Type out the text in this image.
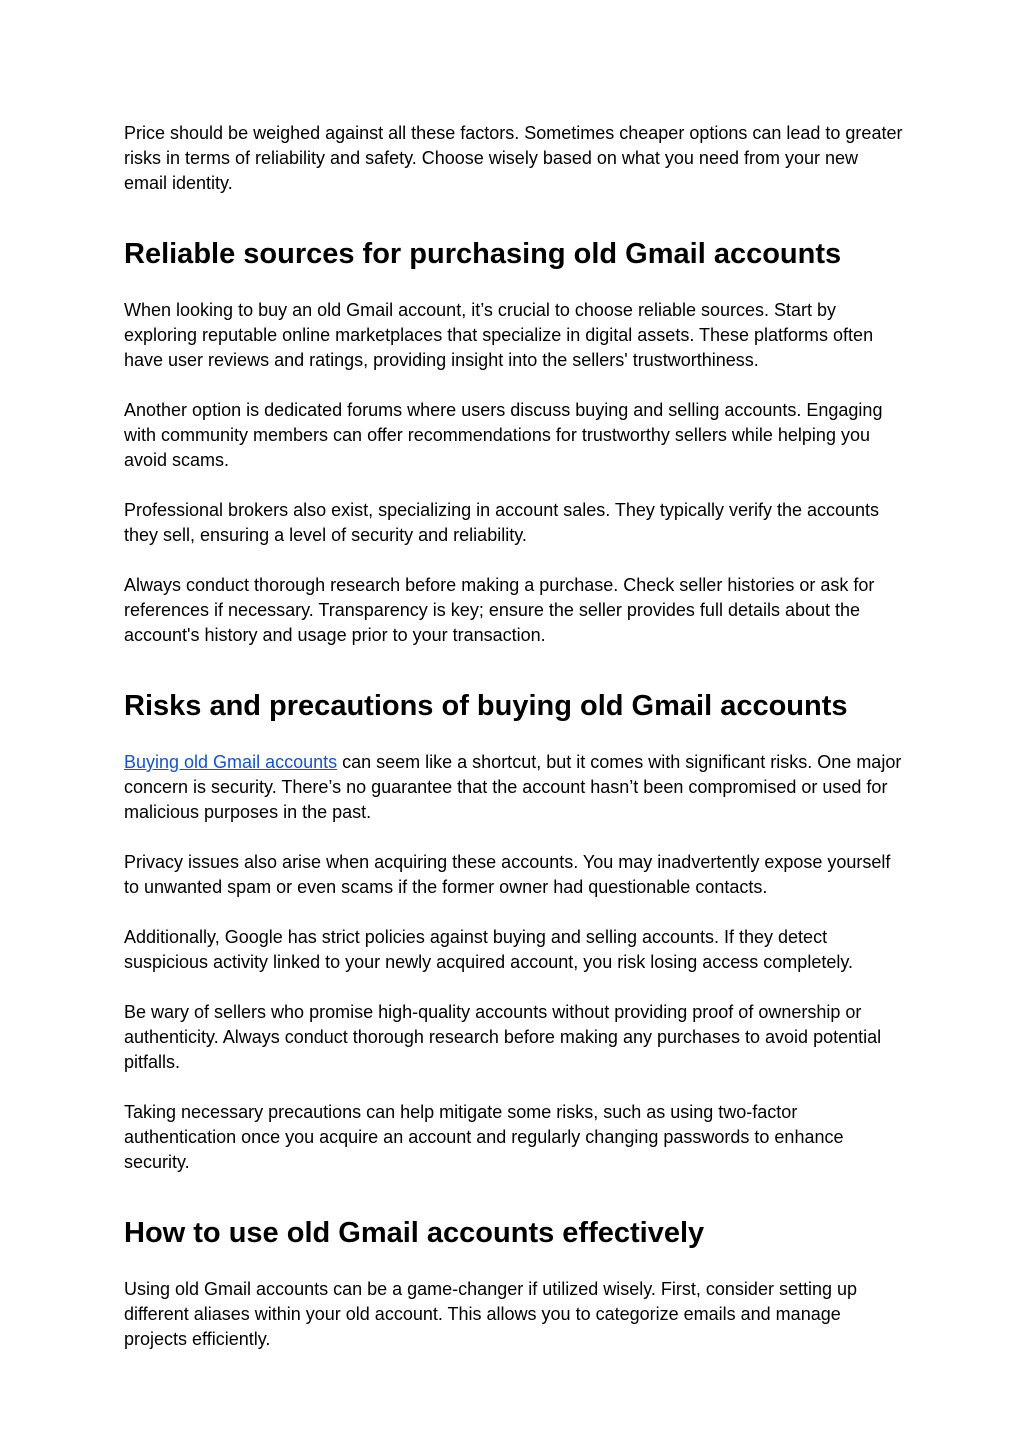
Price should be weighed against all these factors. Sometimes cheaper options can lead to greater risks in terms of reliability and safety. Choose wisely based on what you need from your new email identity.

Reliable sources for purchasing old Gmail accounts

When looking to buy an old Gmail account, it’s crucial to choose reliable sources. Start by exploring reputable online marketplaces that specialize in digital assets. These platforms often have user reviews and ratings, providing insight into the sellers' trustworthiness.

Another option is dedicated forums where users discuss buying and selling accounts. Engaging with community members can offer recommendations for trustworthy sellers while helping you avoid scams.

Professional brokers also exist, specializing in account sales. They typically verify the accounts they sell, ensuring a level of security and reliability.

Always conduct thorough research before making a purchase. Check seller histories or ask for references if necessary. Transparency is key; ensure the seller provides full details about the account's history and usage prior to your transaction.

Risks and precautions of buying old Gmail accounts

Buying old Gmail accounts can seem like a shortcut, but it comes with significant risks. One major concern is security. There’s no guarantee that the account hasn’t been compromised or used for malicious purposes in the past.

Privacy issues also arise when acquiring these accounts. You may inadvertently expose yourself to unwanted spam or even scams if the former owner had questionable contacts.

Additionally, Google has strict policies against buying and selling accounts. If they detect suspicious activity linked to your newly acquired account, you risk losing access completely.

Be wary of sellers who promise high-quality accounts without providing proof of ownership or authenticity. Always conduct thorough research before making any purchases to avoid potential pitfalls.

Taking necessary precautions can help mitigate some risks, such as using two-factor authentication once you acquire an account and regularly changing passwords to enhance security.

How to use old Gmail accounts effectively

Using old Gmail accounts can be a game-changer if utilized wisely. First, consider setting up different aliases within your old account. This allows you to categorize emails and manage projects efficiently.
